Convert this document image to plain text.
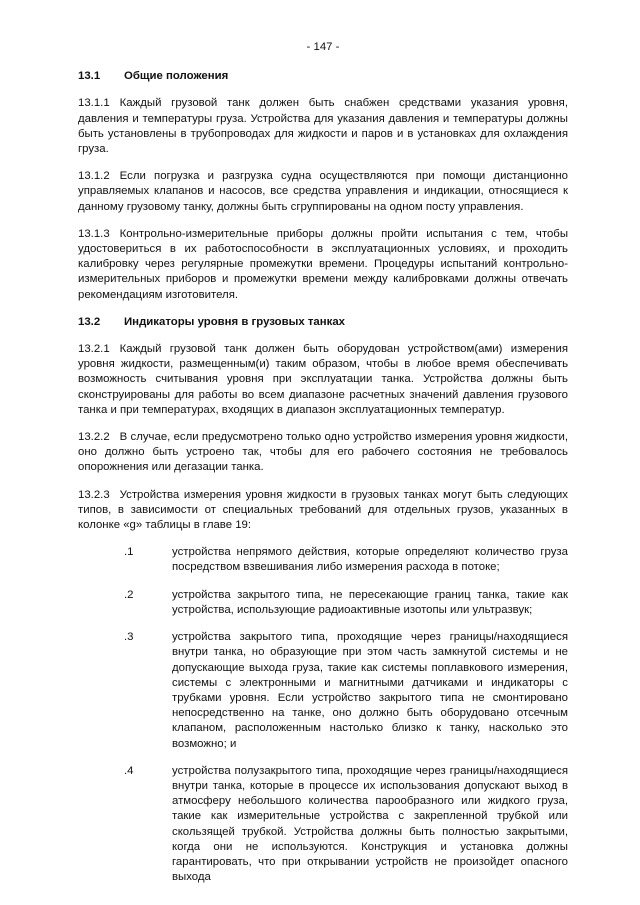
- 147 -
13.1	Общие положения
13.1.1 Каждый грузовой танк должен быть снабжен средствами указания уровня, давления и температуры груза. Устройства для указания давления и температуры должны быть установлены в трубопроводах для жидкости и паров и в установках для охлаждения груза.
13.1.2 Если погрузка и разгрузка судна осуществляются при помощи дистанционно управляемых клапанов и насосов, все средства управления и индикации, относящиеся к данному грузовому танку, должны быть сгруппированы на одном посту управления.
13.1.3 Контрольно-измерительные приборы должны пройти испытания с тем, чтобы удостовериться в их работоспособности в эксплуатационных условиях, и проходить калибровку через регулярные промежутки времени. Процедуры испытаний контрольно-измерительных приборов и промежутки времени между калибровками должны отвечать рекомендациям изготовителя.
13.2	Индикаторы уровня в грузовых танках
13.2.1 Каждый грузовой танк должен быть оборудован устройством(ами) измерения уровня жидкости, размещенным(и) таким образом, чтобы в любое время обеспечивать возможность считывания уровня при эксплуатации танка. Устройства должны быть сконструированы для работы во всем диапазоне расчетных значений давления грузового танка и при температурах, входящих в диапазон эксплуатационных температур.
13.2.2 В случае, если предусмотрено только одно устройство измерения уровня жидкости, оно должно быть устроено так, чтобы для его рабочего состояния не требовалось опорожнения или дегазации танка.
13.2.3 Устройства измерения уровня жидкости в грузовых танках могут быть следующих типов, в зависимости от специальных требований для отдельных грузов, указанных в колонке «g» таблицы в главе 19:
.1	устройства непрямого действия, которые определяют количество груза посредством взвешивания либо измерения расхода в потоке;
.2	устройства закрытого типа, не пересекающие границ танка, такие как устройства, использующие радиоактивные изотопы или ультразвук;
.3	устройства закрытого типа, проходящие через границы/находящиеся внутри танка, но образующие при этом часть замкнутой системы и не допускающие выхода груза, такие как системы поплавкового измерения, системы с электронными и магнитными датчиками и индикаторы с трубками уровня. Если устройство закрытого типа не смонтировано непосредственно на танке, оно должно быть оборудовано отсечным клапаном, расположенным настолько близко к танку, насколько это возможно; и
.4	устройства полузакрытого типа, проходящие через границы/находящиеся внутри танка, которые в процессе их использования допускают выход в атмосферу небольшого количества парообразного или жидкого груза, такие как измерительные устройства с закрепленной трубкой или скользящей трубкой. Устройства должны быть полностью закрытыми, когда они не используются. Конструкция и установка должны гарантировать, что при открывании устройств не произойдет опасного выхода
